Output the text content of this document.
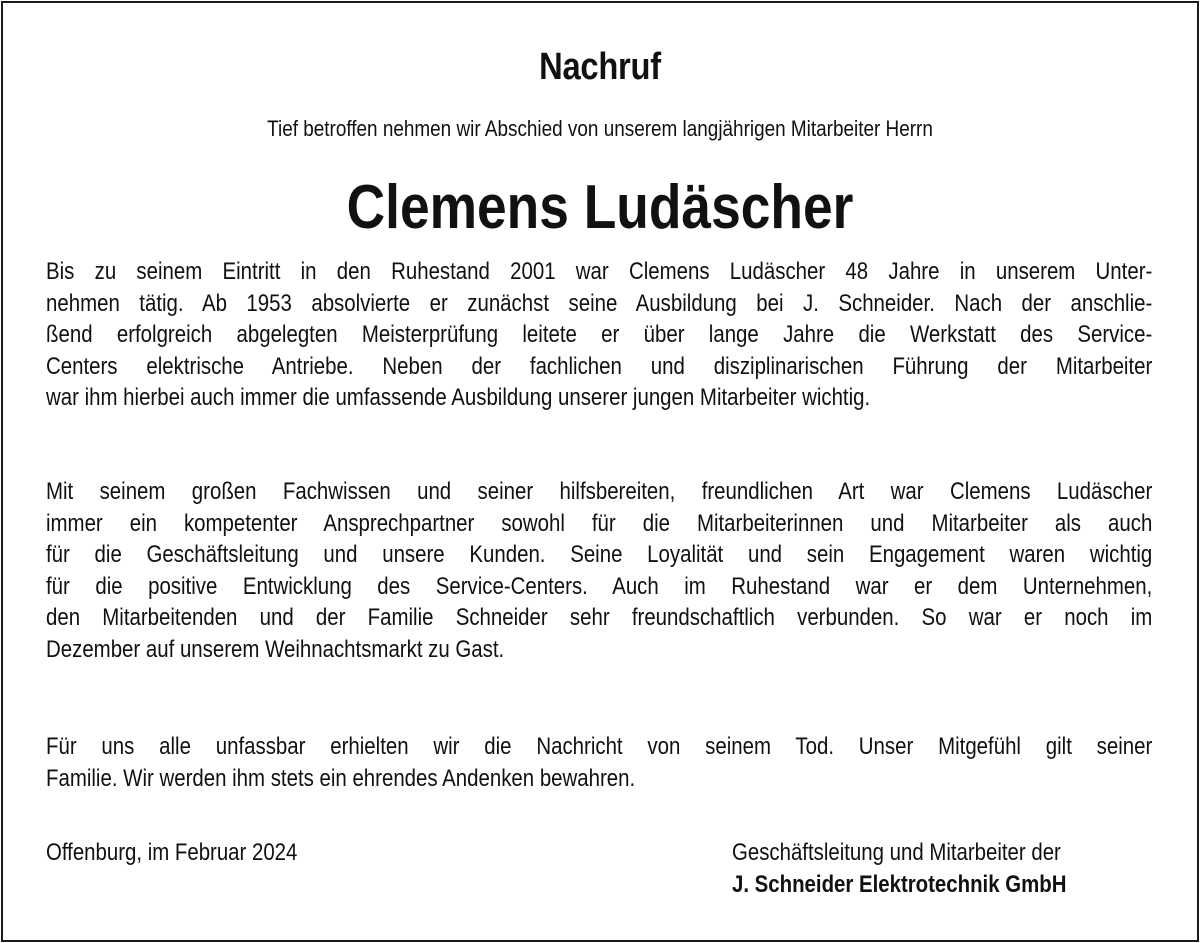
Nachruf
Tief betroffen nehmen wir Abschied von unserem langjährigen Mitarbeiter Herrn
Clemens Ludäscher
Bis zu seinem Eintritt in den Ruhestand 2001 war Clemens Ludäscher 48 Jahre in unserem Unter-
nehmen tätig. Ab 1953 absolvierte er zunächst seine Ausbildung bei J. Schneider. Nach der anschlie-
ßend erfolgreich abgelegten Meisterprüfung leitete er über lange Jahre die Werkstatt des Service-
Centers elektrische Antriebe. Neben der fachlichen und disziplinarischen Führung der Mitarbeiter
war ihm hierbei auch immer die umfassende Ausbildung unserer jungen Mitarbeiter wichtig.
Mit seinem großen Fachwissen und seiner hilfsbereiten, freundlichen Art war Clemens Ludäscher
immer ein kompetenter Ansprechpartner sowohl für die Mitarbeiterinnen und Mitarbeiter als auch
für die Geschäftsleitung und unsere Kunden. Seine Loyalität und sein Engagement waren wichtig
für die positive Entwicklung des Service-Centers. Auch im Ruhestand war er dem Unternehmen,
den Mitarbeitenden und der Familie Schneider sehr freundschaftlich verbunden. So war er noch im
Dezember auf unserem Weihnachtsmarkt zu Gast.
Für uns alle unfassbar erhielten wir die Nachricht von seinem Tod. Unser Mitgefühl gilt seiner
Familie. Wir werden ihm stets ein ehrendes Andenken bewahren.
Offenburg, im Februar 2024	Geschäftsleitung und Mitarbeiter der
J. Schneider Elektrotechnik GmbH
